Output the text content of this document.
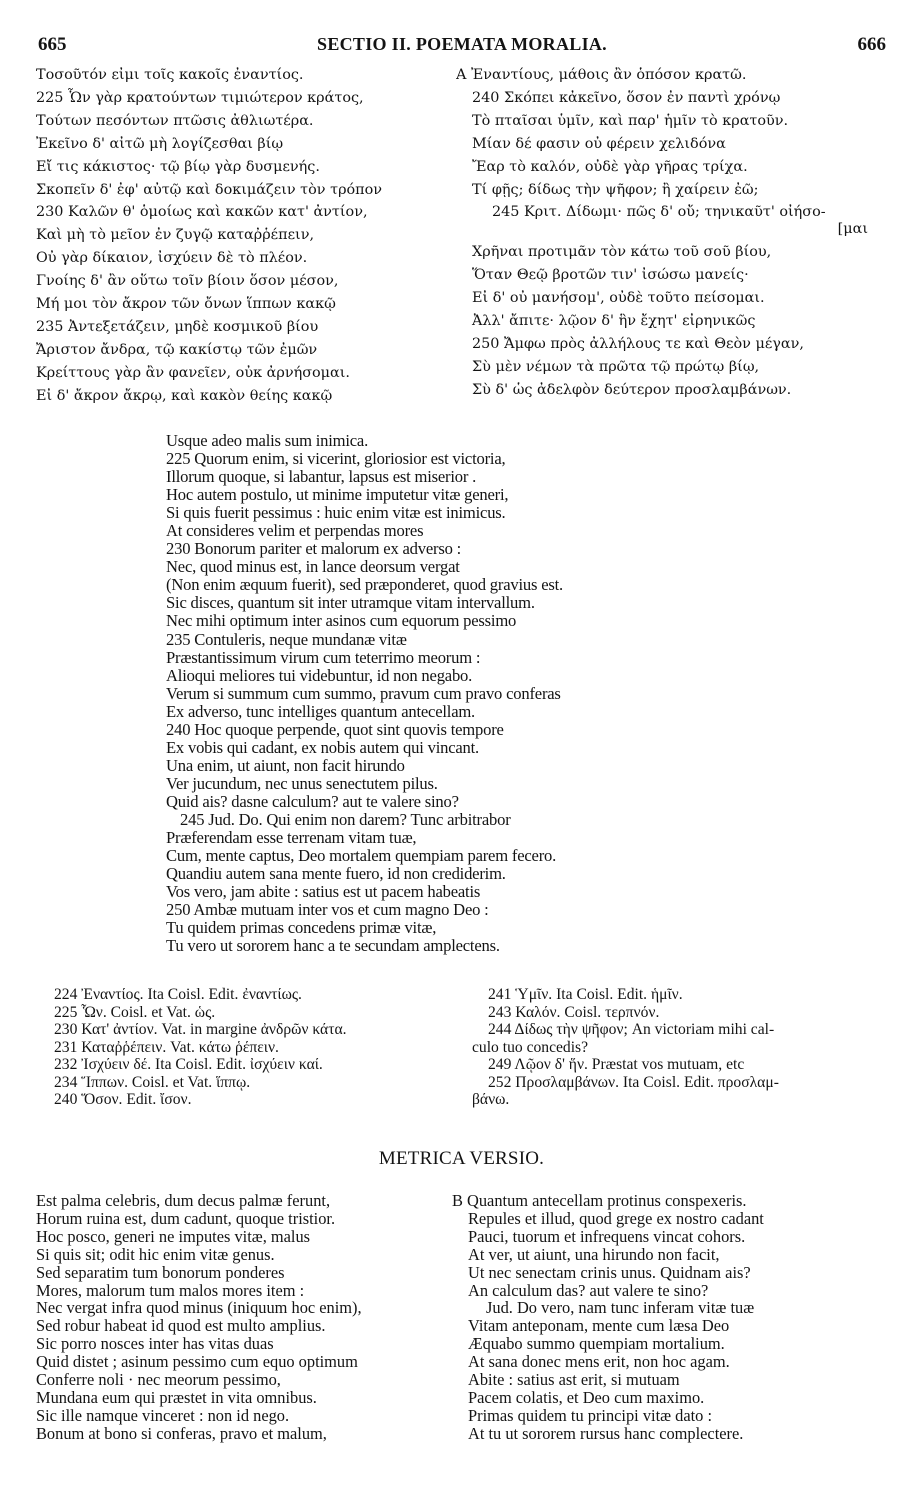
665	SECTIO II. POEMATA MORALIA.	666
Τοσοῦτόν εἰμι τοῖς κακοῖς ἐναντίος.
225 Ὧν γὰρ κρατούντων τιμιώτερον κράτος,
Τούτων πεσόντων πτῶσις ἀθλιωτέρα.
Ἐκεῖνο δ' αἰτῶ μὴ λογίζεσθαι βίῳ
Εἴ τις κάκιστος· τῷ βίῳ γὰρ δυσμενής.
Σκοπεῖν δ' ἐφ' αὐτῷ καὶ δοκιμάζειν τὸν τρόπον
230 Καλῶν θ' ὁμοίως καὶ κακῶν κατ' ἀντίον,
Καὶ μὴ τὸ μεῖον ἐν ζυγῷ καταῤῥέπειν,
Οὐ γὰρ δίκαιον, ἰσχύειν δὲ τὸ πλέον.
Γνοίης δ' ἂν οὕτω τοῖν βίοιν ὅσον μέσον,
Μή μοι τὸν ἄκρον τῶν ὄνων ἵππων κακῷ
235 Ἀντεξετάζειν, μηδὲ κοσμικοῦ βίου
Ἄριστον ἄνδρα, τῷ κακίστῳ τῶν ἐμῶν
Κρείττους γὰρ ἂν φανεῖεν, οὐκ ἀρνήσομαι.
Εἰ δ' ἄκρον ἄκρῳ, καὶ κακὸν θείης κακῷ
A Ἐναντίους, μάθοις ἂν ὁπόσον κρατῶ.
240 Σκόπει κἀκεῖνο, ὅσον ἐν παντὶ χρόνῳ
Τὸ πταῖσαι ὑμῖν, καὶ παρ' ἡμῖν τὸ κρατοῦν.
Μίαν δέ φασιν οὐ φέρειν χελιδόνα
Ἔαρ τὸ καλόν, οὐδὲ γὰρ γῆρας τρίχα.
Τί φῇς; δίδως τὴν ψῆφον; ἢ χαίρειν ἐῶ;
245 Κριτ. Δίδωμι· πῶς δ' οὔ; τηνικαῦτ' οἰήσο-
[μαι
Χρῆναι προτιμᾶν τὸν κάτω τοῦ σοῦ βίου,
Ὅταν Θεῷ βροτῶν τιν' ἰσώσω μανείς·
Εἰ δ' οὐ μανήσομ', οὐδὲ τοῦτο πείσομαι.
Ἀλλ' ἄπιτε· λῷον δ' ἣν ἔχητ' εἰρηνικῶς
250 Ἄμφω πρὸς ἀλλήλους τε καὶ Θεὸν μέγαν,
Σὺ μὲν νέμων τὰ πρῶτα τῷ πρώτῳ βίῳ,
Σὺ δ' ὡς ἀδελφὸν δεύτερον προσλαμβάνων.
Usque adeo malis sum inimica.
225 Quorum enim, si vicerint, gloriosior est victoria,
Illorum quoque, si labantur, lapsus est miserior .
Hoc autem postulo, ut minime imputetur vitæ generi,
Si quis fuerit pessimus : huic enim vitæ est inimicus.
At consideres velim et perpendas mores
230 Bonorum pariter et malorum ex adverso :
Nec, quod minus est, in lance deorsum vergat
(Non enim æquum fuerit), sed præponderet, quod gravius est.
Sic disces, quantum sit inter utramque vitam intervallum.
Nec mihi optimum inter asinos cum equorum pessimo
235 Contuleris, neque mundanæ vitæ
Præstantissimum virum cum teterrimo meorum :
Alioqui meliores tui videbuntur, id non negabo.
Verum si summum cum summo, pravum cum pravo conferas
Ex adverso, tunc intelliges quantum antecellam.
240 Hoc quoque perpende, quot sint quovis tempore
Ex vobis qui cadant, ex nobis autem qui vincant.
Una enim, ut aiunt, non facit hirundo
Ver jucundum, nec unus senectutem pilus.
Quid ais? dasne calculum? aut te valere sino?
245 Jud. Do. Qui enim non darem? Tunc arbitrabor
Præferendam esse terrenam vitam tuæ,
Cum, mente captus, Deo mortalem quempiam parem fecero.
Quandiu autem sana mente fuero, id non crediderim.
Vos vero, jam abite : satius est ut pacem habeatis
250 Ambæ mutuam inter vos et cum magno Deo :
Tu quidem primas concedens primæ vitæ,
Tu vero ut sororem hanc a te secundam amplectens.
224 Ἐναντίος. Ita Coisl. Edit. ἐναντίως.
225 Ὧν. Coisl. et Vat. ὡς.
230 Κατ' ἀντίον. Vat. in margine ἀνδρῶν κάτα.
231 Καταῤῥέπειν. Vat. κάτω ῥέπειν.
232 Ἰσχύειν δέ. Ita Coisl. Edit. ἰσχύειν καί.
234 Ἵππων. Coisl. et Vat. ἵππῳ.
240 Ὅσον. Edit. ἴσον.
241 Ὑμῖν. Ita Coisl. Edit. ἡμῖν.
243 Καλόν. Coisl. τερπνόν.
244 Δίδως τὴν ψῆφον; An victoriam mihi cal-
culo tuo concedis?
249 Λῷον δ' ἥν. Præstat vos mutuam, etc
252 Προσλαμβάνων. Ita Coisl. Edit. προσλαμ-
βάνω.
METRICA VERSIO.
Est palma celebris, dum decus palmæ ferunt,
Horum ruina est, dum cadunt, quoque tristior.
Hoc posco, generi ne imputes vitæ, malus
Si quis sit; odit hic enim vitæ genus.
Sed separatim tum bonorum ponderes
Mores, malorum tum malos mores item :
Nec vergat infra quod minus (iniquum hoc enim),
Sed robur habeat id quod est multo amplius.
Sic porro nosces inter has vitas duas
Quid distet ; asinum pessimo cum equo optimum
Conferre noli · nec meorum pessimo,
Mundana eum qui præstet in vita omnibus.
Sic ille namque vinceret : non id nego.
Bonum at bono si conferas, pravo et malum,
B Quantum antecellam protinus conspexeris.
Repules et illud, quod grege ex nostro cadant
Pauci, tuorum et infrequens vincat cohors.
At ver, ut aiunt, una hirundo non facit,
Ut nec senectam crinis unus. Quidnam ais?
An calculum das? aut valere te sino?
Jud. Do vero, nam tunc inferam vitæ tuæ
Vitam anteponam, mente cum læsa Deo
Æquabo summo quempiam mortalium.
At sana donec mens erit, non hoc agam.
Abite : satius ast erit, si mutuam
Pacem colatis, et Deo cum maximo.
Primas quidem tu principi vitæ dato :
At tu ut sororem rursus hanc complectere.
